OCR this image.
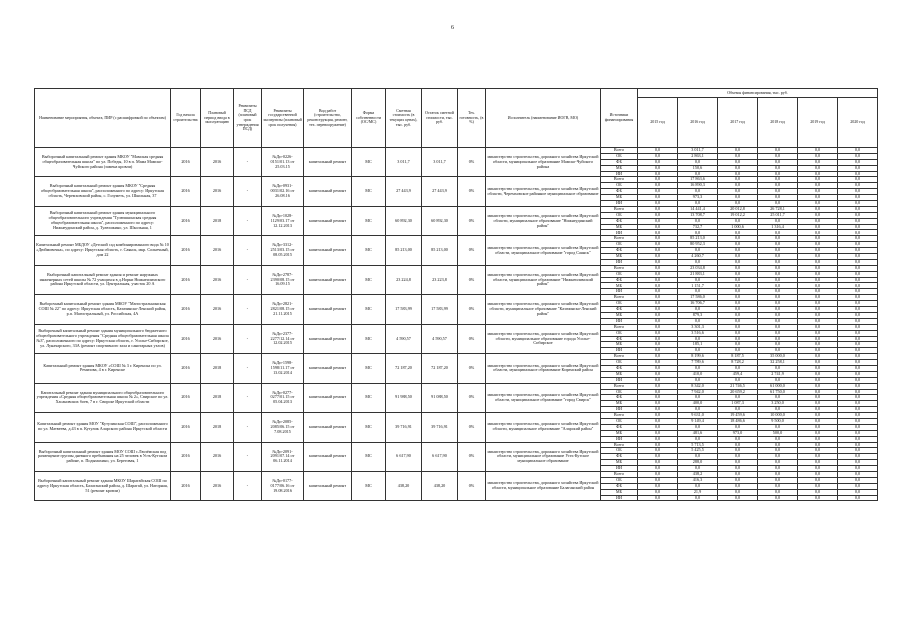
6
Наименование мероприятия, объекта, ПИР (с расшифровкой по объектам)	Год начала строительства	Плановый период ввода в эксплуатацию	Реквизиты ПСД (плановый срок утверждения ПСД)	Реквизиты государственной экспертизы (плановый срок получения)	Вид работ (строительство, реконструкция, ремонт, тех. перевооружение)	Форма собственности (ОС/МС)	Сметная стоимость (в текущих ценах), тыс. руб.	Остаток сметной стоимости, тыс. руб.	Тех. готовность, (в %)	Исполнитель (наименование ИОГВ, МО)	Источники финансирования	Объемы финансирования, тыс. руб.					
												2015 год	2016 год	2017 год	2018 год	2019 год	2020 год
Выборочный капитальный ремонт здания МКОУ "Мамская средняя общеобразовательная школа" по ул. Победы, 10 в п. Мама Мамско-Чуйского района (замена кровли)	2016	2016	-	№Дп-0226-0151/01.13 от 25.03.15	капитальный ремонт	МС	3 011,7	3 011,7	0%	министерство строительства, дорожного хозяйства Иркутской области, муниципальное образование Мамско-Чуйского района	Всего	0,0	3 011,7	0,0	0,0	0,0	0,0
											ОБ	0,0	2 863,1	0,0	0,0	0,0	0,0
											ФБ	0,0	0,0	0,0	0,0	0,0	0,0
											МБ	0,0	150,6	0,0	0,0	0,0	0,0
											ИИ	0,0	0,0	0,0	0,0	0,0	0,0
Выборочный капитальный ремонт здания МКОУ "Средняя общеобразовательная школа", расположенного по адресу: Иркутская область, Черемховский район, с. Голуметь, ул. Школьная, 37	2016	2016	-	№Дп-0931-0031/02.16 от 26.08.16	капитальный ремонт	МС	27 443,9	27 443,9	0%	министерство строительства, дорожного хозяйства Иркутской области, Черемховское районное муниципальное образование	Всего	0,0	17 863,6	0,0	0,0	0,0	0,0
											ОБ	0,0	16 890,3	0,0	0,0	0,0	0,0
											ФБ	0,0	0,0	0,0	0,0	0,0	0,0
											МБ	0,0	973,3	0,0	0,0	0,0	0,0
											ИИ	0,0	0,0	0,0	0,0	0,0	0,0
Выборочный капитальный ремонт здания муниципального общеобразовательного учреждения "Тулюшкинская средняя общеобразовательная школа", расположенного по адресу: Нижнеудинский район, д. Тулюшкино, ул. Школьная, 1	2016	2018	-	№Дп-1028-1129/03.17 от 12.12.2013	капитальный ремонт	МС	60 892,30	60 892,30	0%	министерство строительства, дорожного хозяйства Иркутской области, муниципальное образование "Нижнеудинский район"	Всего	0,0	14 441,4	20 012,8	26 728,1	0,0	0,0
											ОБ	0,0	13 708,7	19 012,2	25 011,7	0,0	0,0
											ФБ	0,0	0,0	0,0	0,0	0,0	0,0
											МБ	0,0	732,7	1 000,6	1 316,4	0,0	0,0
											ИИ	0,0	0,0	0,0	0,0	0,0	0,0
Капитальный ремонт МБДОУ «Детский сад комбинированного вида № 10 «Дюймовочка», по адресу: Иркутская область, г. Саянск, мкр. Солнечный, дом 22	2016	2016	-	№Дп-3312-2513/03.15 от 08.05.2015	капитальный ремонт	МС	85 213,00	85 213,00	0%	министерство строительства, дорожного хозяйства Иркутской области, муниципальное образование "город Саянск"	Всего	0,0	85 213,0	0,0	0,0	0,0	0,0
											ОБ	0,0	80 952,3	0,0	0,0	0,0	0,0
											ФБ	0,0	0,0	0,0	0,0	0,0	0,0
											МБ	0,0	4 260,7	0,0	0,0	0,0	0,0
											ИИ	0,0	0,0	0,0	0,0	0,0	0,0
Выборочный капитальный ремонт здания и ремонт наружных инженерных сетей школы № 72 учащихся в д.Норки Нижнеилимского района Иркутской области, ул. Центральная, участок 20 А	2016	2016	-	№Дп-2787-2390/08.15 от 16.09.15	капитальный ремонт	МС	23 224,8	23 223,8	0%	министерство строительства, дорожного хозяйства Иркутской области, муниципальное образование "Нижнеилимский район"	Всего	0,0	23 034,8	0,0	0,0	0,0	0,0
											ОБ	0,0	21 883,1	0,0	0,0	0,0	0,0
											ФБ	0,0	0,0	0,0	0,0	0,0	0,0
											МБ	0,0	1 151,7	0,0	0,0	0,0	0,0
											ИИ	0,0	0,0	0,0	0,0	0,0	0,0
Выборочный капитальный ремонт здания МКОУ "Магистральнинская СОШ № 22" по адресу: Иркутская область, Казачинско-Ленский район, р.п. Магистральный, ул. Российская, 4А	2016	2016	-	№Дп-2821-2821/08.15 от 21.11.2015	капитальный ремонт	МС	17 583,99	17 583,99	0%	министерство строительства, дорожного хозяйства Иркутской области, муниципальное образование "Казачинско-Ленский район"	Всего	0,0	17 586,0	0,0	0,0	0,0	0,0
											ОБ	0,0	16 706,7	0,0	0,0	0,0	0,0
											ФБ	0,0	0,0	0,0	0,0	0,0	0,0
											МБ	0,0	879,3	0,0	0,0	0,0	0,0
											ИИ	0,0	0,0	0,0	0,0	0,0	0,0
Выборочный капитальный ремонт здания муниципального бюджетного общеобразовательного учреждения "Средняя общеобразовательная школа №3", расположенного по адресу: Иркутская область, г. Усолье-Сибирское, ул. Луначарского, 33А (ремонт спортивного зала и санитарных узлов)	2016	2016	-	№Дп-2377-2277/12.14 от 12.02.2015	капитальный ремонт	МС	4 590,57	4 590,57	0%	министерство строительства, дорожного хозяйства Иркутской области, муниципальное образование города Усолье-Сибирское	Всего	0,0	3 301,3	0,0	0,0	0,0	0,0
											ОБ	0,0	3 516,6	0,0	0,0	0,0	0,0
											ФБ	0,0	0,0	0,0	0,0	0,0	0,0
											МБ	0,0	185,1	0,0	0,0	0,0	0,0
											ИИ	0,0	0,0	0,0	0,0	0,0	0,0
Капитальный ремонт здания МКОУ «СОШ № 3 г. Киренска по ул. Ремизова, 4 в г. Киренске	2016	2018	-	№Дп-1598-1598/11.17 от 13.02.2014	капитальный ремонт	МС	72 187,20	72 187,20	0%	министерство строительства, дорожного хозяйства Иркутской области, муниципальное образование Киренский район	Всего	0,0	8 199,6	8 187,5	35 000,0	0,0	0,0
											ОБ	0,0	7 789,6	8 728,2	32 258,1	0,0	0,0
											ФБ	0,0	0,0	0,0	0,0	0,0	0,0
											МБ	0,0	410,0	459,4	2 741,9	0,0	0,0
											ИИ	0,0	0,0	0,0	0,0	0,0	0,0
Капитальный ремонт здания муниципального общеобразовательного учреждения «Средняя общеобразовательная школа № 2», Свирское по ул. Хасановских боев, 7 в г. Свирске Иркутской области	2016	2018	-	№Дп-0277-0277/01.15 от 05.04.2013	капитальный ремонт	МС	91 988,50	91 088,50	0%	министерство строительства, дорожного хозяйства Иркутской области, муниципальное образование "город Свирск"	Всего	0,0	8 342,0	21 746,5	61 000,0	0,0	0,0
											ОБ	0,0	7 942,0	20 659,2	61 750,0	0,0	0,0
											ФБ	0,0	0,0	0,0	0,0	0,0	0,0
											МБ	0,0	400,0	1 087,3	3 250,0	0,0	0,0
											ИИ	0,0	0,0	0,0	0,0	0,0	0,0
Капитальный ремонт здания МОУ "Кутуликская СОШ", расположенного по ул. Матвеева, д.43 в п. Кутулик Аларского района Иркутской области	2016	2018	-	№Дп-2085-2085/06.15 от 7.08.2015	капитальный ремонт	МС	39 716,91	39 716,91	0%	министерство строительства, дорожного хозяйства Иркутской области, муниципальное образование "Аларский район"	Всего	0,0	9 631,0	19 459,6	10 000,0	0,0	0,0
											ОБ	0,0	9 149,4	18 486,6	9 500,0	0,0	0,0
											ФБ	0,0	0,0	0,0	0,0	0,0	0,0
											МБ	0,0	481,6	973,0	500,0	0,0	0,0
											ИИ	0,0	0,0	0,0	0,0	0,0	0,0
Выборочный капитальный ремонт здания МОУ СОШ с.Люлёмская под размещение группы дневного пребывания на 25 человек в Усть-Кутском районе, п. Подымахино, ул. Береговая, 1	2016	2016	-	№Дп-2091-2091/07.14 от 06.11.2014	капитальный ремонт	МС	6 617,90	6 617,90	0%	министерство строительства, дорожного хозяйства Иркутской области, муниципальное образование Усть-Кутское муниципальное образование	Всего	0,0	5 713,5	0,0	0,0	0,0	0,0
											ОБ	0,0	5 425,5	0,0	0,0	0,0	0,0
											ФБ	0,0	0,0	0,0	0,0	0,0	0,0
											МБ	0,0	288,0	0,0	0,0	0,0	0,0
											ИИ	0,0	0,0	0,0	0,0	0,0	0,0
Выборочный капитальный ремонт здания МКОУ Шарагайская СОШ по адресу Иркутская область, Балаганский район, д. Шарагай, ул. Нагорная, 51 (ремонт кровли)	2016	2016	-	№Дп-0177-0177/06.16 от 19.08.2016	капитальный ремонт	МС	438,20	438,20	0%	министерство строительства, дорожного хозяйства Иркутской области, муниципальное образование Балаганский район	Всего	0,0	438,2	0,0	0,0	0,0	0,0
											ОБ	0,0	416,3	0,0	0,0	0,0	0,0
											ФБ	0,0	0,0	0,0	0,0	0,0	0,0
											МБ	0,0	21,9	0,0	0,0	0,0	0,0
											ИИ	0,0	0,0	0,0	0,0	0,0	0,0
